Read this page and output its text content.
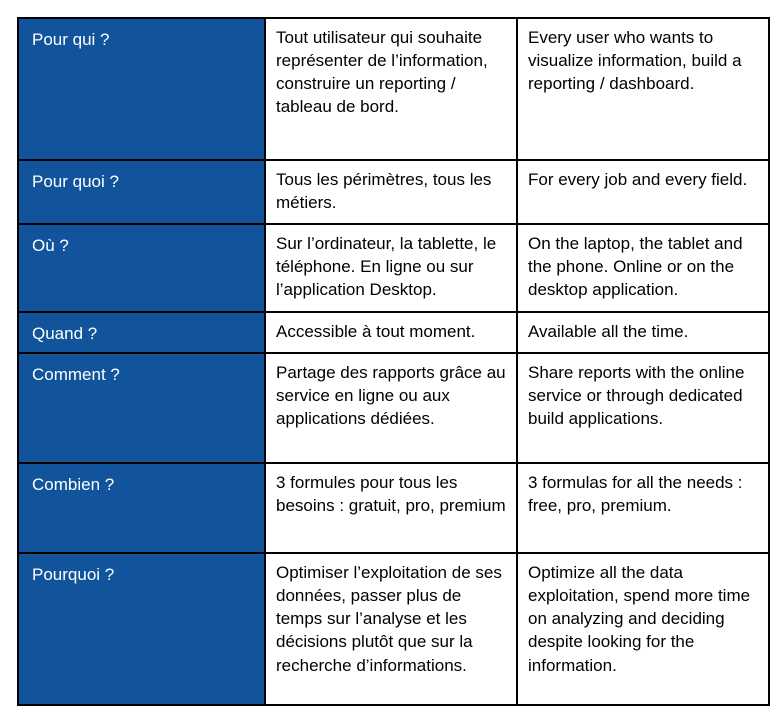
Pour qui ?	Tout utilisateur qui souhaite représenter de l’information, construire un reporting / tableau de bord.	Every user who wants to visualize information, build a reporting / dashboard.
Pour quoi ?	Tous les périmètres, tous les métiers.	For every job and every field.
Où ?	Sur l’ordinateur, la tablette, le téléphone. En ligne ou sur l’application Desktop.	On the laptop, the tablet and the phone. Online or on the desktop application.
Quand ?	Accessible à tout moment.	Available all the time.
Comment ?	Partage des rapports grâce au service en ligne ou aux applications dédiées.	Share reports with the online service or through dedicated build applications.
Combien ?	3 formules pour tous les besoins : gratuit, pro, premium	3 formulas for all the needs : free, pro, premium.
Pourquoi ?	Optimiser l’exploitation de ses données, passer plus de temps sur l’analyse et les décisions plutôt que sur la recherche d’informations.	Optimize all the data exploitation, spend more time on analyzing and deciding despite looking for the information.
